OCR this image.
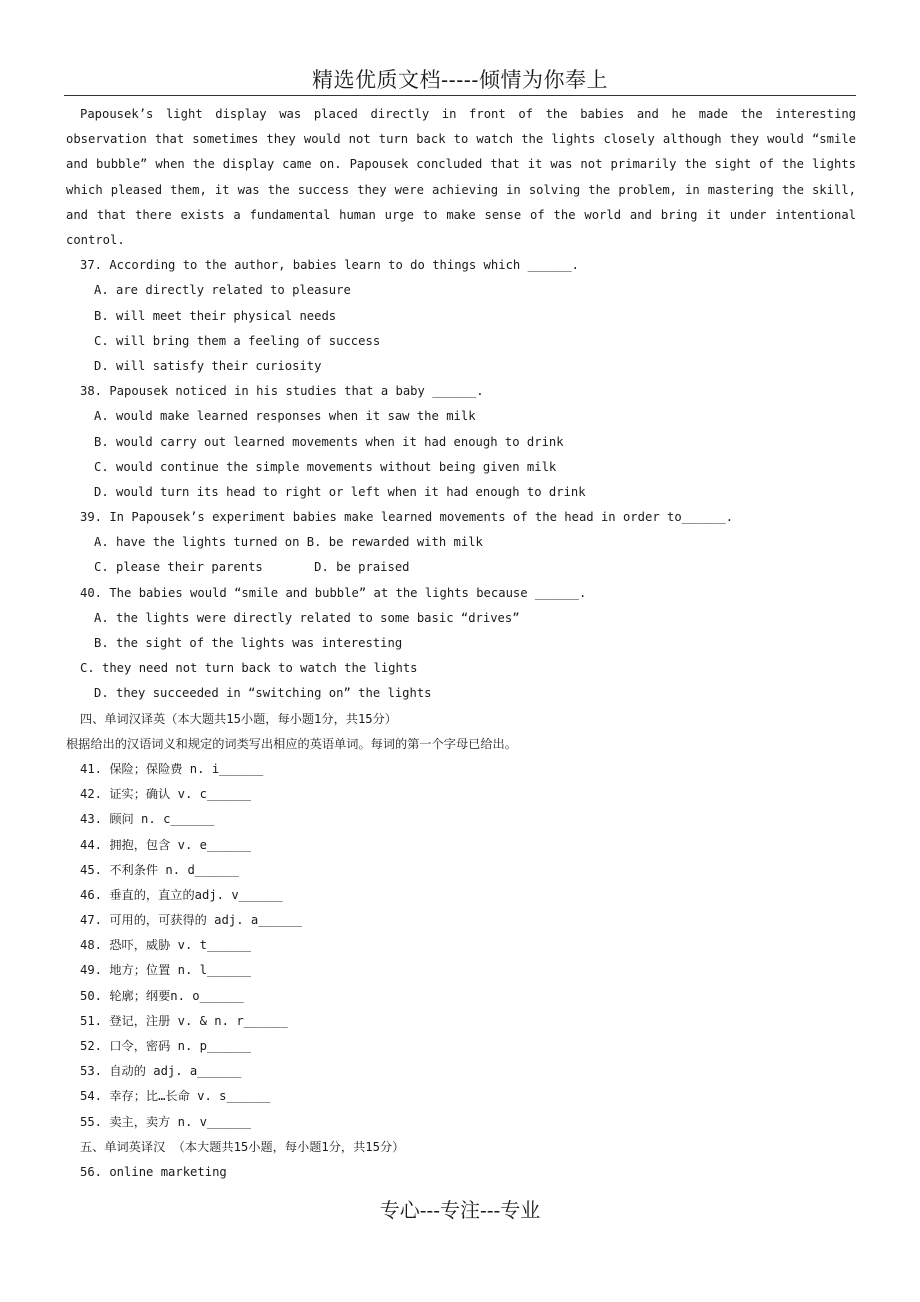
精选优质文档-----倾情为你奉上
Papousek’s light display was placed directly in front of the babies and he made the interesting observation that sometimes they would not turn back to watch the lights closely although they would “smile and bubble” when the display came on. Papousek concluded that it was not primarily the sight of the lights which pleased them, it was the success they were achieving in solving the problem, in mastering the skill, and that there exists a fundamental human urge to make sense of the world and bring it under intentional control.
37. According to the author, babies learn to do things which ______.
A. are directly related to pleasure
B. will meet their physical needs
C. will bring them a feeling of success
D. will satisfy their curiosity
38. Papousek noticed in his studies that a baby ______.
A. would make learned responses when it saw the milk
B. would carry out learned movements when it had enough to drink
C. would continue the simple movements without being given milk
D. would turn its head to right or left when it had enough to drink
39. In Papousek’s experiment babies make learned movements of the head in order to______.
A. have the lights turned on B. be rewarded with milk
C. please their parents       D. be praised
40. The babies would “smile and bubble” at the lights because ______.
A. the lights were directly related to some basic “drives”
B. the sight of the lights was interesting
C. they need not turn back to watch the lights
D. they succeeded in “switching on” the lights
四、单词汉译英（本大题共15小题，每小题1分，共15分）
根据给出的汉语词义和规定的词类写出相应的英语单词。每词的第一个字母已给出。
41. 保险；保险费 n. i______
42. 证实；确认 v. c______
43. 顾问 n. c______
44. 拥抱，包含 v. e______
45. 不利条件 n. d______
46. 垂直的，直立的adj. v______
47. 可用的，可获得的 adj. a______
48. 恐吓，威胁 v. t______
49. 地方；位置 n. l______
50. 轮廓；纲要n. o______
51. 登记，注册 v. & n. r______
52. 口令，密码 n. p______
53. 自动的 adj. a______
54. 幸存；比…长命 v. s______
55. 卖主，卖方 n. v______
五、单词英译汉 （本大题共15小题，每小题1分，共15分）
56. online marketing
专心---专注---专业
